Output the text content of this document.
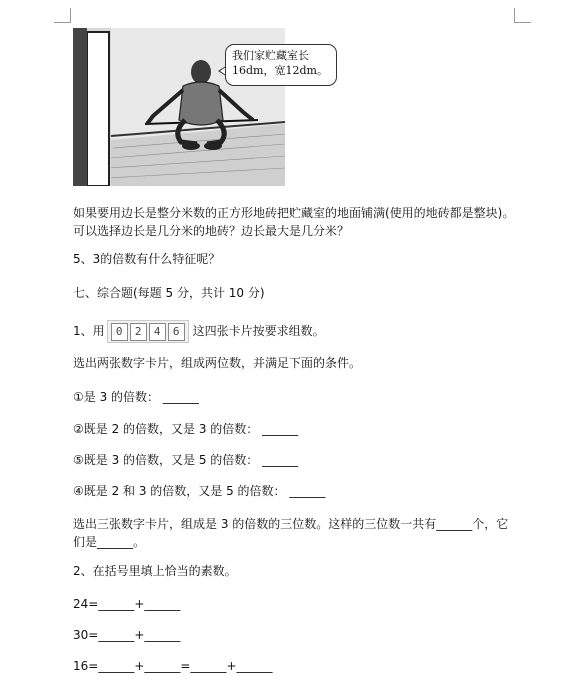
我们家贮藏室长
16dm，宽12dm。
如果要用边长是整分米数的正方形地砖把贮藏室的地面铺满(使用的地砖都是整块)。可以选择边长是几分米的地砖？边长最大是几分米？
5、3的倍数有什么特征呢？
七、综合题(每题 5 分，共计 10 分)
1、用 0 2 4 6 这四张卡片按要求组数。
选出两张数字卡片，组成两位数，并满足下面的条件。
①是 3 的倍数： ______
②既是 2 的倍数，又是 3 的倍数： ______
⑤既是 3 的倍数，又是 5 的倍数： ______
④既是 2 和 3 的倍数，又是 5 的倍数： ______
选出三张数字卡片，组成是 3 的倍数的三位数。这样的三位数一共有______个，它们是______。
2、在括号里填上恰当的素数。
24=______+______
30=______+______
16=______+______=______+______
